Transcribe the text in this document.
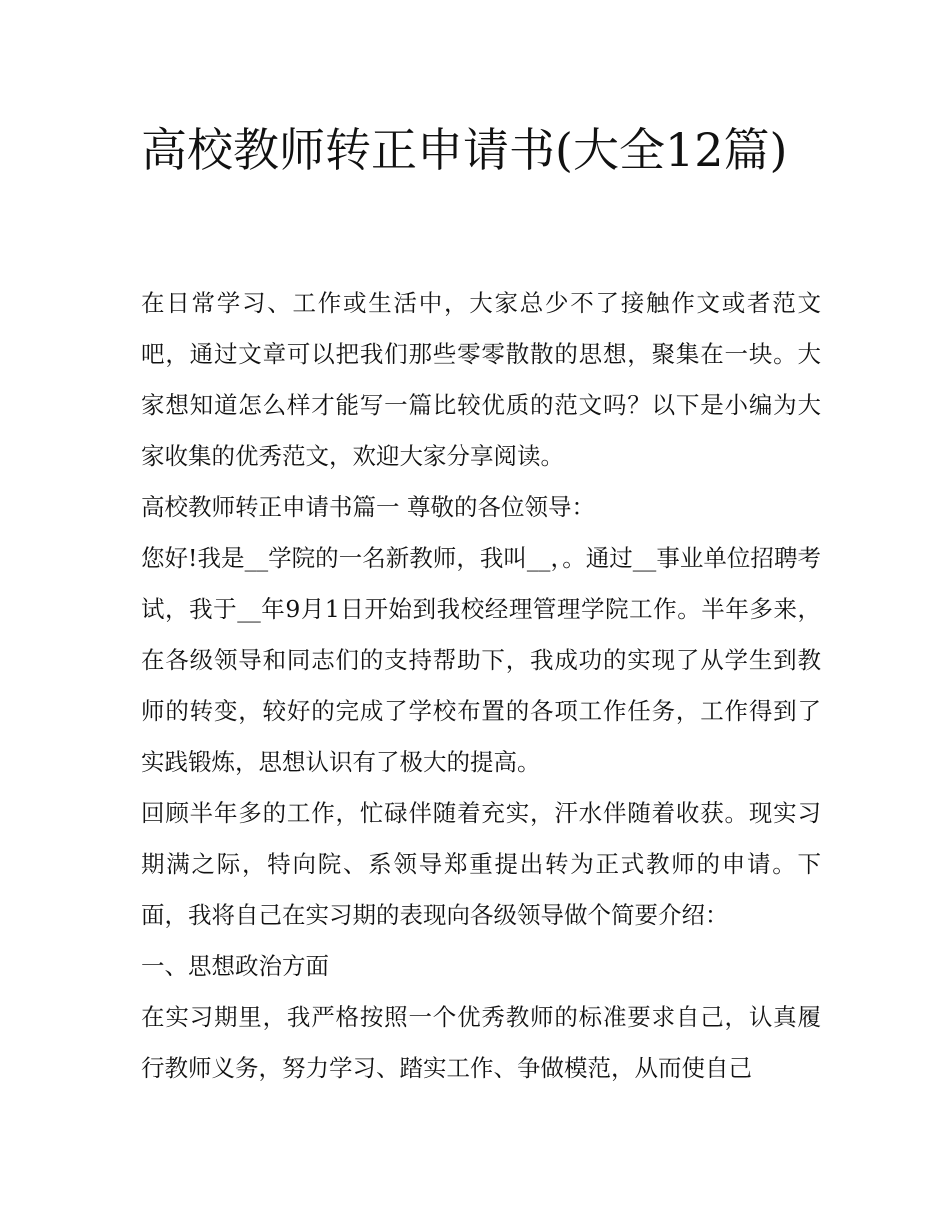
高校教师转正申请书(大全12篇)

在日常学习、工作或生活中，大家总少不了接触作文或者范文吧，通过文章可以把我们那些零零散散的思想，聚集在一块。大家想知道怎么样才能写一篇比较优质的范文吗？以下是小编为大家收集的优秀范文，欢迎大家分享阅读。

高校教师转正申请书篇一 尊敬的各位领导：

您好!我是__学院的一名新教师，我叫__，。通过__事业单位招聘考试，我于__年9月1日开始到我校经理管理学院工作。半年多来，在各级领导和同志们的支持帮助下，我成功的实现了从学生到教师的转变，较好的完成了学校布置的各项工作任务，工作得到了实践锻炼，思想认识有了极大的提高。

回顾半年多的工作，忙碌伴随着充实，汗水伴随着收获。现实习期满之际，特向院、系领导郑重提出转为正式教师的申请。下面，我将自己在实习期的表现向各级领导做个简要介绍：

一、思想政治方面

在实习期里，我严格按照一个优秀教师的标准要求自己，认真履行教师义务，努力学习、踏实工作、争做模范，从而使自己
